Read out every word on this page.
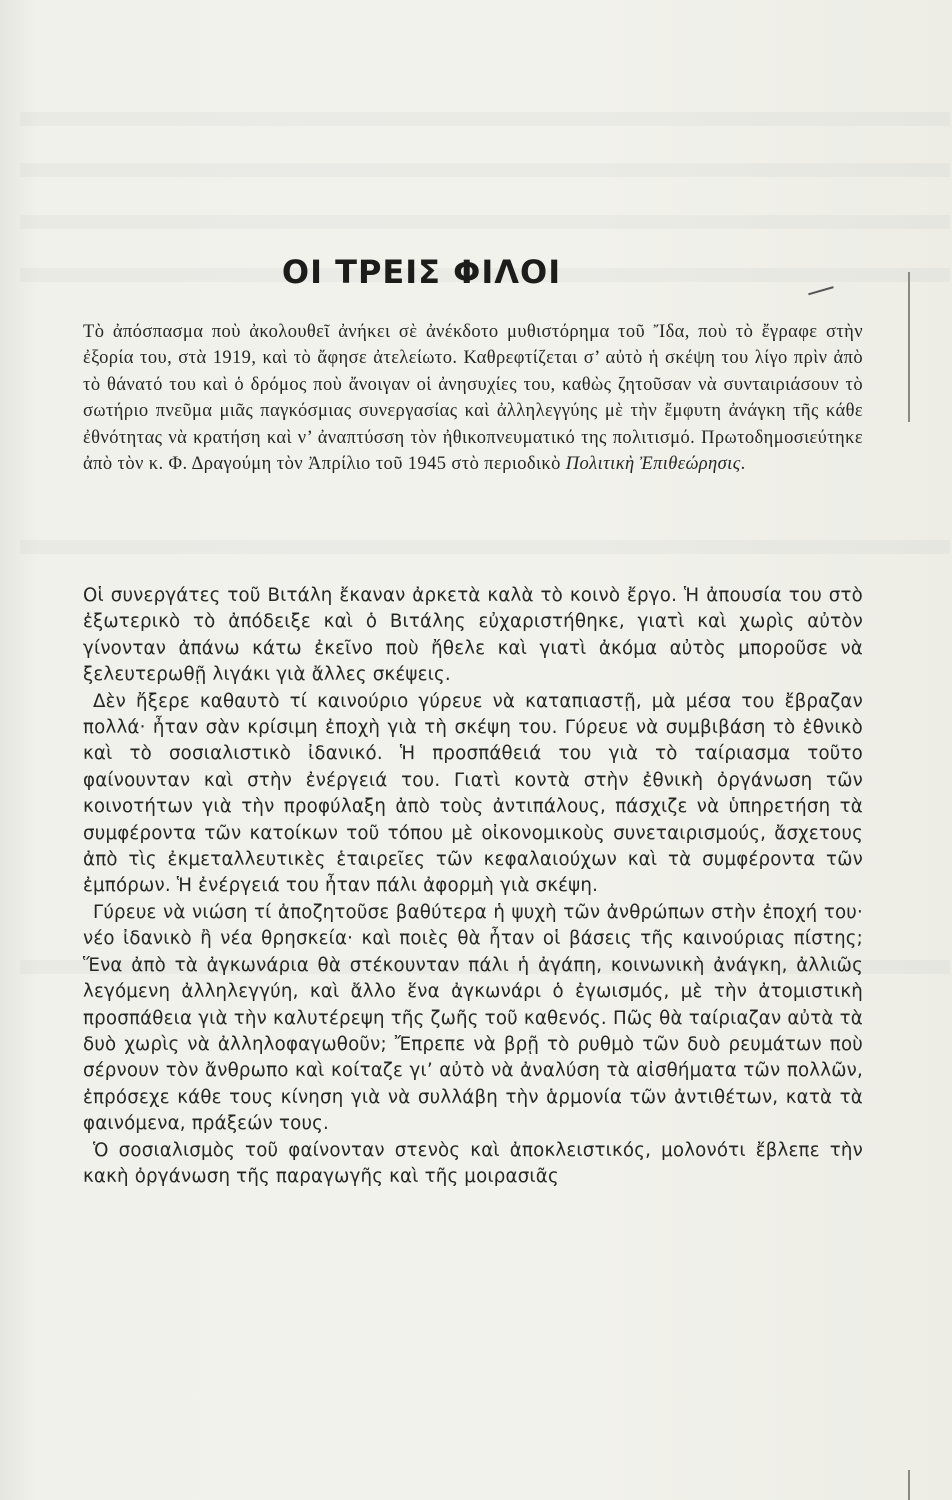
ΟΙ ΤΡΕΙΣ ΦΙΛΟΙ

Τὸ ἀπόσπασμα ποὺ ἀκολουθεῖ ἀνήκει σὲ ἀνέκδοτο μυθιστόρημα τοῦ Ἴδα, ποὺ τὸ ἔγραφε στὴν ἐξορία του, στὰ 1919, καὶ τὸ ἄφησε ἀτελείωτο. Καθρεφτίζεται σ’ αὐτὸ ἡ σκέψη του λίγο πρὶν ἀπὸ τὸ θάνατό του καὶ ὁ δρόμος ποὺ ἄνοιγαν οἱ ἀνησυχίες του, καθὼς ζητοῦσαν νὰ συνταιριάσουν τὸ σωτήριο πνεῦμα μιᾶς παγκόσμιας συνεργασίας καὶ ἀλληλεγγύης μὲ τὴν ἔμφυτη ἀνάγκη τῆς κάθε ἐθνότητας νὰ κρατήση καὶ ν’ ἀναπτύσση τὸν ἠθικοπνευματικό της πολιτισμό. Πρωτοδημοσιεύτηκε ἀπὸ τὸν κ. Φ. Δραγούμη τὸν Ἀπρίλιο τοῦ 1945 στὸ περιοδικὸ Πολιτικὴ Ἐπιθεώρησις.

Οἱ συνεργάτες τοῦ Βιτάλη ἔκαναν ἀρκετὰ καλὰ τὸ κοινὸ ἔργο. Ἡ ἀπουσία του στὸ ἐξωτερικὸ τὸ ἀπόδειξε καὶ ὁ Βιτάλης εὐχαριστήθηκε, γιατὶ καὶ χωρὶς αὐτὸν γίνονταν ἀπάνω κάτω ἐκεῖνο ποὺ ἤθελε καὶ γιατὶ ἀκόμα αὐτὸς μποροῦσε νὰ ξελευτερωθῇ λιγάκι γιὰ ἄλλες σκέψεις.

Δὲν ἤξερε καθαυτὸ τί καινούριο γύρευε νὰ καταπιαστῇ, μὰ μέσα του ἔβραζαν πολλά· ἦταν σὰν κρίσιμη ἐποχὴ γιὰ τὴ σκέψη του. Γύρευε νὰ συμβιβάση τὸ ἐθνικὸ καὶ τὸ σοσιαλιστικὸ ἰδανικό. Ἡ προσπάθειά του γιὰ τὸ ταίριασμα τοῦτο φαίνουνταν καὶ στὴν ἐνέργειά του. Γιατὶ κοντὰ στὴν ἐθνικὴ ὀργάνωση τῶν κοινοτήτων γιὰ τὴν προφύλαξη ἀπὸ τοὺς ἀντιπάλους, πάσχιζε νὰ ὑπηρετήση τὰ συμφέροντα τῶν κατοίκων τοῦ τόπου μὲ οἰκονομικοὺς συνεταιρισμούς, ἄσχετους ἀπὸ τὶς ἐκμεταλλευτικὲς ἑταιρεῖες τῶν κεφαλαιούχων καὶ τὰ συμφέροντα τῶν ἐμπόρων. Ἡ ἐνέργειά του ἦταν πάλι ἀφορμὴ γιὰ σκέψη.

Γύρευε νὰ νιώση τί ἀποζητοῦσε βαθύτερα ἡ ψυχὴ τῶν ἀνθρώπων στὴν ἐποχή του· νέο ἰδανικὸ ἢ νέα θρησκεία· καὶ ποιὲς θὰ ἦταν οἱ βάσεις τῆς καινούριας πίστης; Ἕνα ἀπὸ τὰ ἀγκωνάρια θὰ στέκουνταν πάλι ἡ ἀγάπη, κοινωνικὴ ἀνάγκη, ἀλλιῶς λεγόμενη ἀλληλεγγύη, καὶ ἄλλο ἕνα ἀγκωνάρι ὁ ἐγωισμός, μὲ τὴν ἀτομιστικὴ προσπάθεια γιὰ τὴν καλυτέρεψη τῆς ζωῆς τοῦ καθενός. Πῶς θὰ ταίριαζαν αὐτὰ τὰ δυὸ χωρὶς νὰ ἀλληλοφαγωθοῦν; Ἔπρεπε νὰ βρῇ τὸ ρυθμὸ τῶν δυὸ ρευμάτων ποὺ σέρνουν τὸν ἄνθρωπο καὶ κοίταζε γι’ αὐτὸ νὰ ἀναλύση τὰ αἰσθήματα τῶν πολλῶν, ἐπρόσεχε κάθε τους κίνηση γιὰ νὰ συλλάβη τὴν ἁρμονία τῶν ἀντιθέτων, κατὰ τὰ φαινόμενα, πράξεών τους.

Ὁ σοσιαλισμὸς τοῦ φαίνονταν στενὸς καὶ ἀποκλειστικός, μολονότι ἔβλεπε τὴν κακὴ ὀργάνωση τῆς παραγωγῆς καὶ τῆς μοιρασιᾶς
